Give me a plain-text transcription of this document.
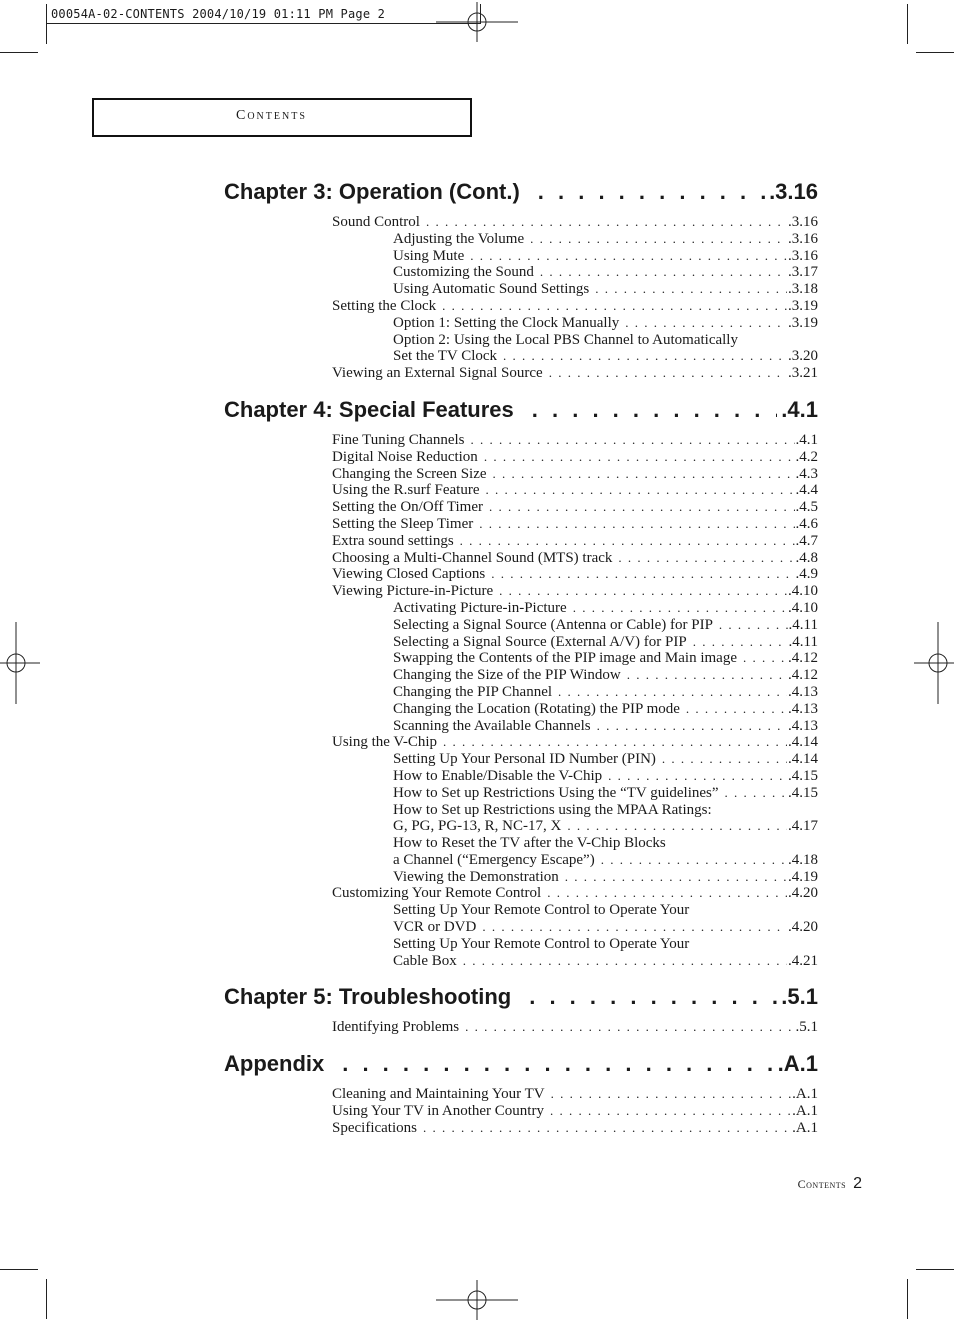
00054A-02-CONTENTS 2004/10/19 01:11 PM Page 2
Contents
Chapter 3: Operation (Cont.) . . .	.3.16
Sound Control . . .	.3.16
Adjusting the Volume . . .	.3.16
Using Mute . . .	.3.16
Customizing the Sound . . .	.3.17
Using Automatic Sound Settings . . .	.3.18
Setting the Clock . . .	.3.19
Option 1: Setting the Clock Manually . . .	.3.19
Option 2: Using the Local PBS Channel to Automatically
Set the TV Clock . . .	.3.20
Viewing an External Signal Source . . .	.3.21
Chapter 4: Special Features . . .	.4.1
Fine Tuning Channels . . .	.4.1
Digital Noise Reduction . . .	.4.2
Changing the Screen Size . . .	.4.3
Using the R.surf Feature . . .	.4.4
Setting the On/Off Timer . . .	.4.5
Setting the Sleep Timer . . .	.4.6
Extra sound settings . . .	.4.7
Choosing a Multi-Channel Sound (MTS) track . . .	.4.8
Viewing Closed Captions . . .	.4.9
Viewing Picture-in-Picture . . .	.4.10
Activating Picture-in-Picture . . .	.4.10
Selecting a Signal Source (Antenna or Cable) for PIP . . .	.4.11
Selecting a Signal Source (External A/V) for PIP . . .	.4.11
Swapping the Contents of the PIP image and Main image . . .	.4.12
Changing the Size of the PIP Window . . .	.4.12
Changing the PIP Channel . . .	.4.13
Changing the Location (Rotating) the PIP mode . . .	.4.13
Scanning the Available Channels . . .	.4.13
Using the V-Chip . . .	.4.14
Setting Up Your Personal ID Number (PIN) . . .	.4.14
How to Enable/Disable the V-Chip . . .	.4.15
How to Set up Restrictions Using the “TV guidelines” . . .	.4.15
How to Set up Restrictions using the MPAA Ratings:
G, PG, PG-13, R, NC-17, X . . .	.4.17
How to Reset the TV after the V-Chip Blocks
a Channel (“Emergency Escape”) . . .	.4.18
Viewing the Demonstration . . .	.4.19
Customizing Your Remote Control . . .	.4.20
Setting Up Your Remote Control to Operate Your
VCR or DVD . . .	.4.20
Setting Up Your Remote Control to Operate Your
Cable Box . . .	.4.21
Chapter 5: Troubleshooting . . .	.5.1
Identifying Problems . . .	.5.1
Appendix . . .	.A.1
Cleaning and Maintaining Your TV . . .	.A.1
Using Your TV in Another Country . . .	.A.1
Specifications . . .	.A.1
Contents 2
